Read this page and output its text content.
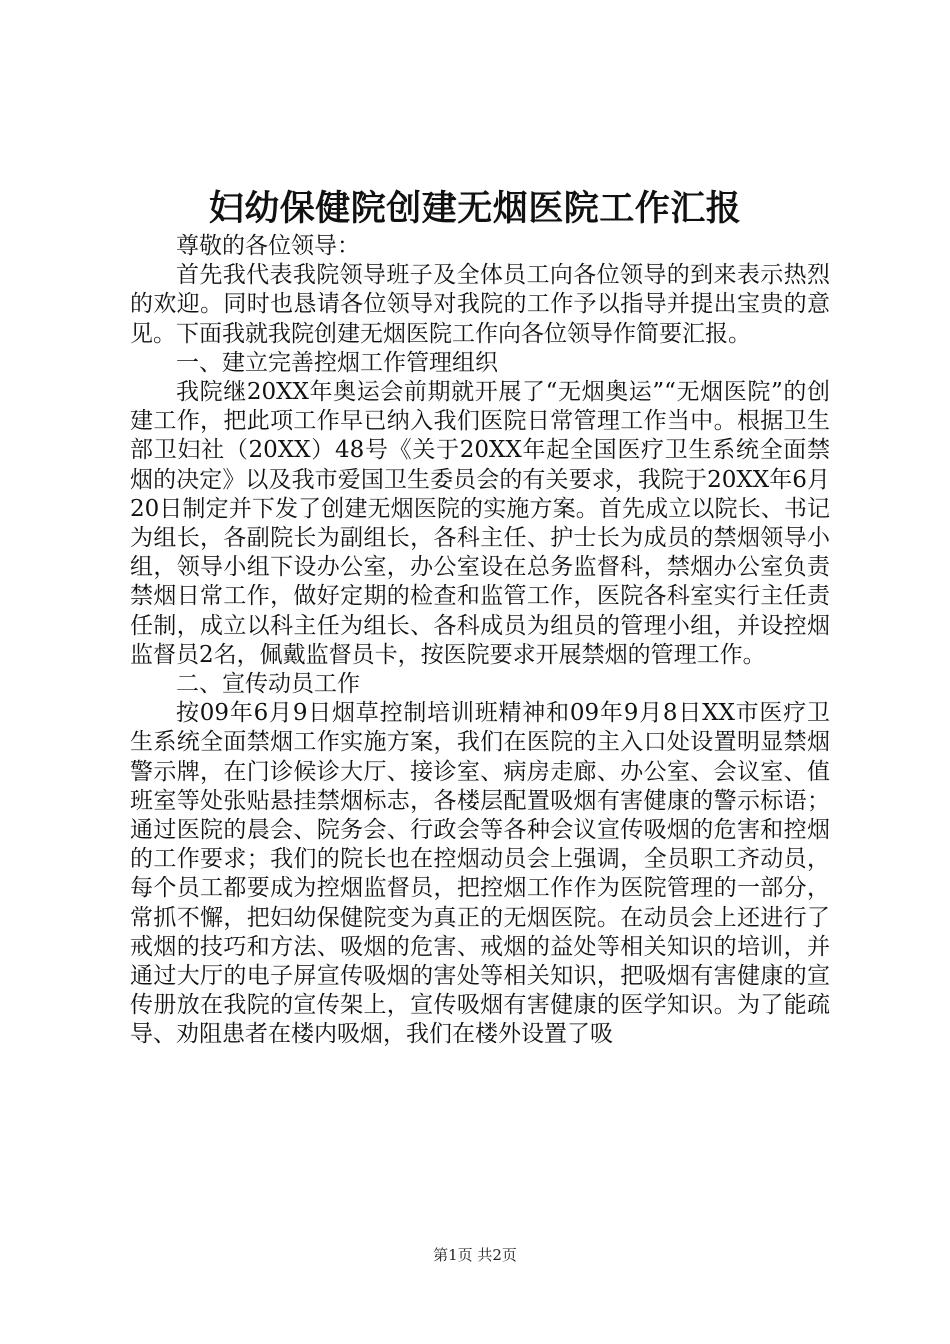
妇幼保健院创建无烟医院工作汇报

尊敬的各位领导：

首先我代表我院领导班子及全体员工向各位领导的到来表示热烈的欢迎。同时也恳请各位领导对我院的工作予以指导并提出宝贵的意见。下面我就我院创建无烟医院工作向各位领导作简要汇报。

一、建立完善控烟工作管理组织

我院继20XX年奥运会前期就开展了“无烟奥运”“无烟医院”的创建工作，把此项工作早已纳入我们医院日常管理工作当中。根据卫生部卫妇社（20XX）48号《关于20XX年起全国医疗卫生系统全面禁烟的决定》以及我市爱国卫生委员会的有关要求，我院于20XX年6月20日制定并下发了创建无烟医院的实施方案。首先成立以院长、书记为组长，各副院长为副组长，各科主任、护士长为成员的禁烟领导小组，领导小组下设办公室，办公室设在总务监督科，禁烟办公室负责禁烟日常工作，做好定期的检查和监管工作，医院各科室实行主任责任制，成立以科主任为组长、各科成员为组员的管理小组，并设控烟监督员2名，佩戴监督员卡，按医院要求开展禁烟的管理工作。

二、宣传动员工作

按09年6月9日烟草控制培训班精神和09年9月8日XX市医疗卫生系统全面禁烟工作实施方案，我们在医院的主入口处设置明显禁烟警示牌，在门诊候诊大厅、接诊室、病房走廊、办公室、会议室、值班室等处张贴悬挂禁烟标志，各楼层配置吸烟有害健康的警示标语；通过医院的晨会、院务会、行政会等各种会议宣传吸烟的危害和控烟的工作要求；我们的院长也在控烟动员会上强调，全员职工齐动员，每个员工都要成为控烟监督员，把控烟工作作为医院管理的一部分，常抓不懈，把妇幼保健院变为真正的无烟医院。在动员会上还进行了戒烟的技巧和方法、吸烟的危害、戒烟的益处等相关知识的培训，并通过大厅的电子屏宣传吸烟的害处等相关知识，把吸烟有害健康的宣传册放在我院的宣传架上，宣传吸烟有害健康的医学知识。为了能疏导、劝阻患者在楼内吸烟，我们在楼外设置了吸

第1页 共2页
